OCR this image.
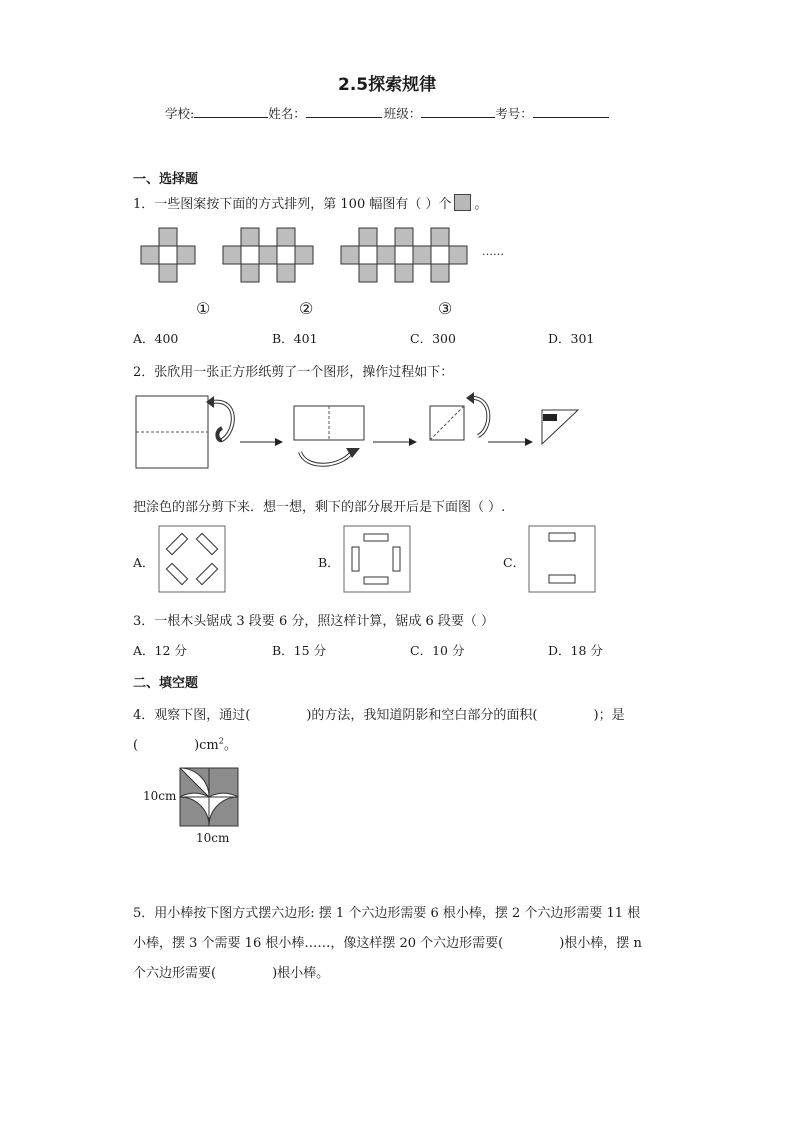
2.5探索规律
学校:	姓名：	班级：	考号：
一、选择题
1．一些图案按下面的方式排列，第 100 幅图有（ ）个 。
……
①	②	③
A．400	B．401	C．300	D．301
2．张欣用一张正方形纸剪了一个图形，操作过程如下：
把涂色的部分剪下来．想一想，剩下的部分展开后是下面图（ ）.
A．	B．	C．
3．一根木头锯成 3 段要 6 分，照这样计算，锯成 6 段要（ ）
A．12 分	B．15 分	C．10 分	D．18 分
二、填空题
4．观察下图，通过(	)的方法，我知道阴影和空白部分的面积(	)；是
(	)$cm^2$。
10cm
10cm
5．用小棒按下图方式摆六边形: 摆 1 个六边形需要 6 根小棒，摆 2 个六边形需要 11 根
小棒，摆 3 个需要 16 根小棒……，像这样摆 20 个六边形需要(	)根小棒，摆 n
个六边形需要(	)根小棒。
